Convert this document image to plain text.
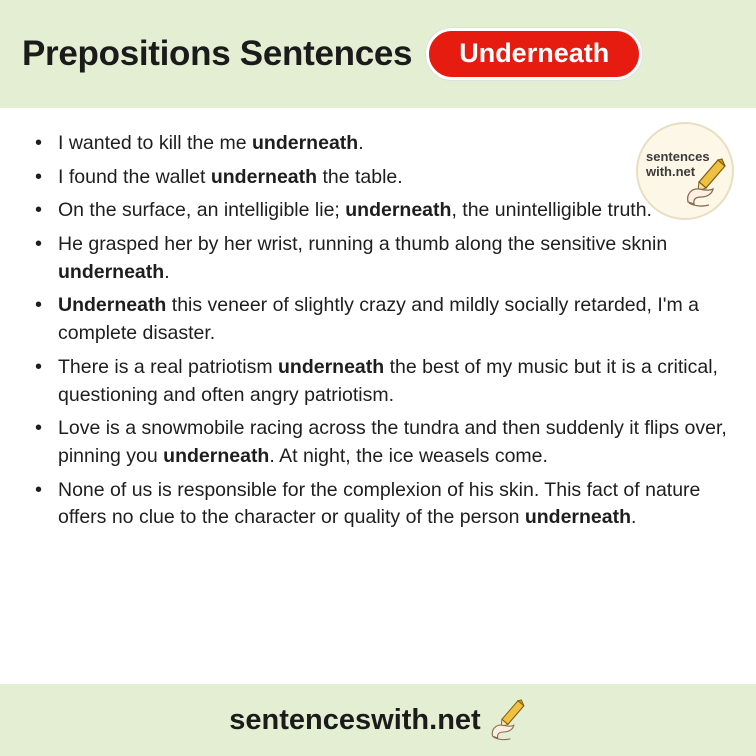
Prepositions Sentences	Underneath
sentences
with.net
• I wanted to kill the me underneath.
• I found the wallet underneath the table.
• On the surface, an intelligible lie; underneath, the unintelligible truth.
• He grasped her by her wrist, running a thumb along the sensitive sknin underneath.
• Underneath this veneer of slightly crazy and mildly socially retarded, I'm a complete disaster.
• There is a real patriotism underneath the best of my music but it is a critical, questioning and often angry patriotism.
• Love is a snowmobile racing across the tundra and then suddenly it flips over, pinning you underneath. At night, the ice weasels come.
• None of us is responsible for the complexion of his skin. This fact of nature offers no clue to the character or quality of the person underneath.
sentenceswith.net
